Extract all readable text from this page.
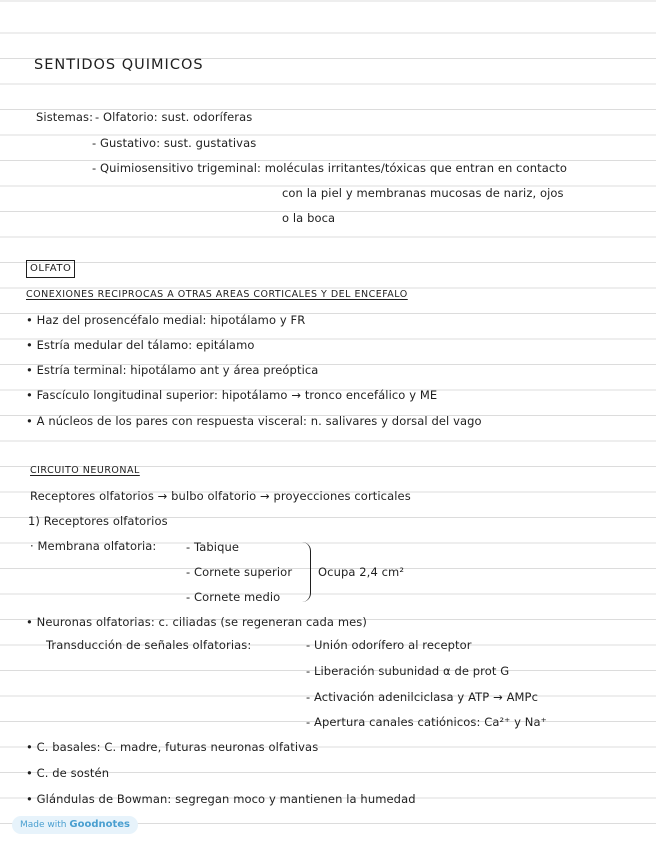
SENTIDOS QUIMICOS
Sistemas: - Olfatorio: sust. odoríferas
- Gustativo: sust. gustativas
- Quimiosensitivo trigeminal: moléculas irritantes/tóxicas que entran en contacto
con la piel y membranas mucosas de nariz, ojos
o la boca
OLFATO
CONEXIONES RECIPROCAS A OTRAS AREAS CORTICALES Y DEL ENCEFALO
• Haz del prosencéfalo medial: hipotálamo y FR
• Estría medular del tálamo: epitálamo
• Estría terminal: hipotálamo ant y área preóptica
• Fascículo longitudinal superior: hipotálamo → tronco encefálico y ME
• A núcleos de los pares con respuesta visceral: n. salivares y dorsal del vago
CIRCUITO NEURONAL
Receptores olfatorios → bulbo olfatorio → proyecciones corticales
1) Receptores olfatorios
· Membrana olfatoria:	- Tabique
- Cornete superior
- Cornete medio
Ocupa 2,4 cm²
• Neuronas olfatorias: c. ciliadas (se regeneran cada mes)
Transducción de señales olfatorias:	- Unión odorífero al receptor
- Liberación subunidad α de prot G
- Activación adenilciclasa y ATP → AMPc
- Apertura canales catiónicos: Ca²⁺ y Na⁺
• C. basales: C. madre, futuras neuronas olfativas
• C. de sostén
• Glándulas de Bowman: segregan moco y mantienen la humedad
Made with Goodnotes
